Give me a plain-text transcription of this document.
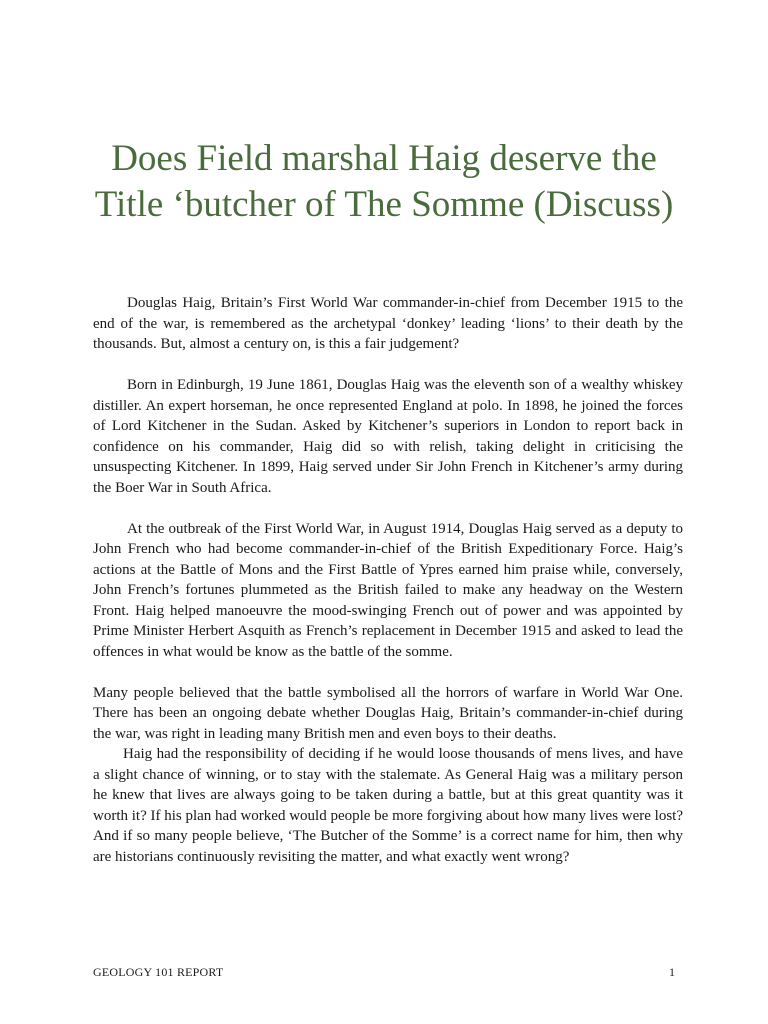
Does Field marshal Haig deserve the Title ‘butcher of The Somme (Discuss)

Douglas Haig, Britain’s First World War commander-in-chief from December 1915 to the end of the war, is remembered as the archetypal ‘donkey’ leading ‘lions’ to their death by the thousands. But, almost a century on, is this a fair judgement?

Born in Edinburgh, 19 June 1861, Douglas Haig was the eleventh son of a wealthy whiskey distiller. An expert horseman, he once represented England at polo. In 1898, he joined the forces of Lord Kitchener in the Sudan. Asked by Kitchener’s superiors in London to report back in confidence on his commander, Haig did so with relish, taking delight in criticising the unsuspecting Kitchener. In 1899, Haig served under Sir John French in Kitchener’s army during the Boer War in South Africa.

At the outbreak of the First World War, in August 1914, Douglas Haig served as a deputy to John French who had become commander-in-chief of the British Expeditionary Force. Haig’s actions at the Battle of Mons and the First Battle of Ypres earned him praise while, conversely, John French’s fortunes plummeted as the British failed to make any headway on the Western Front. Haig helped manoeuvre the mood-swinging French out of power and was appointed by Prime Minister Herbert Asquith as French’s replacement in December 1915 and asked to lead the offences in what would be know as the battle of the somme.

Many people believed that the battle symbolised all the horrors of warfare in World War One. There has been an ongoing debate whether Douglas Haig, Britain’s commander-in-chief during the war, was right in leading many British men and even boys to their deaths.

Haig had the responsibility of deciding if he would loose thousands of mens lives, and have a slight chance of winning, or to stay with the stalemate. As General Haig was a military person he knew that lives are always going to be taken during a battle, but at this great quantity was it worth it? If his plan had worked would people be more forgiving about how many lives were lost? And if so many people believe, ‘The Butcher of the Somme’ is a correct name for him, then why are historians continuously revisiting the matter, and what exactly went wrong?

GEOLOGY 101 REPORT	1
